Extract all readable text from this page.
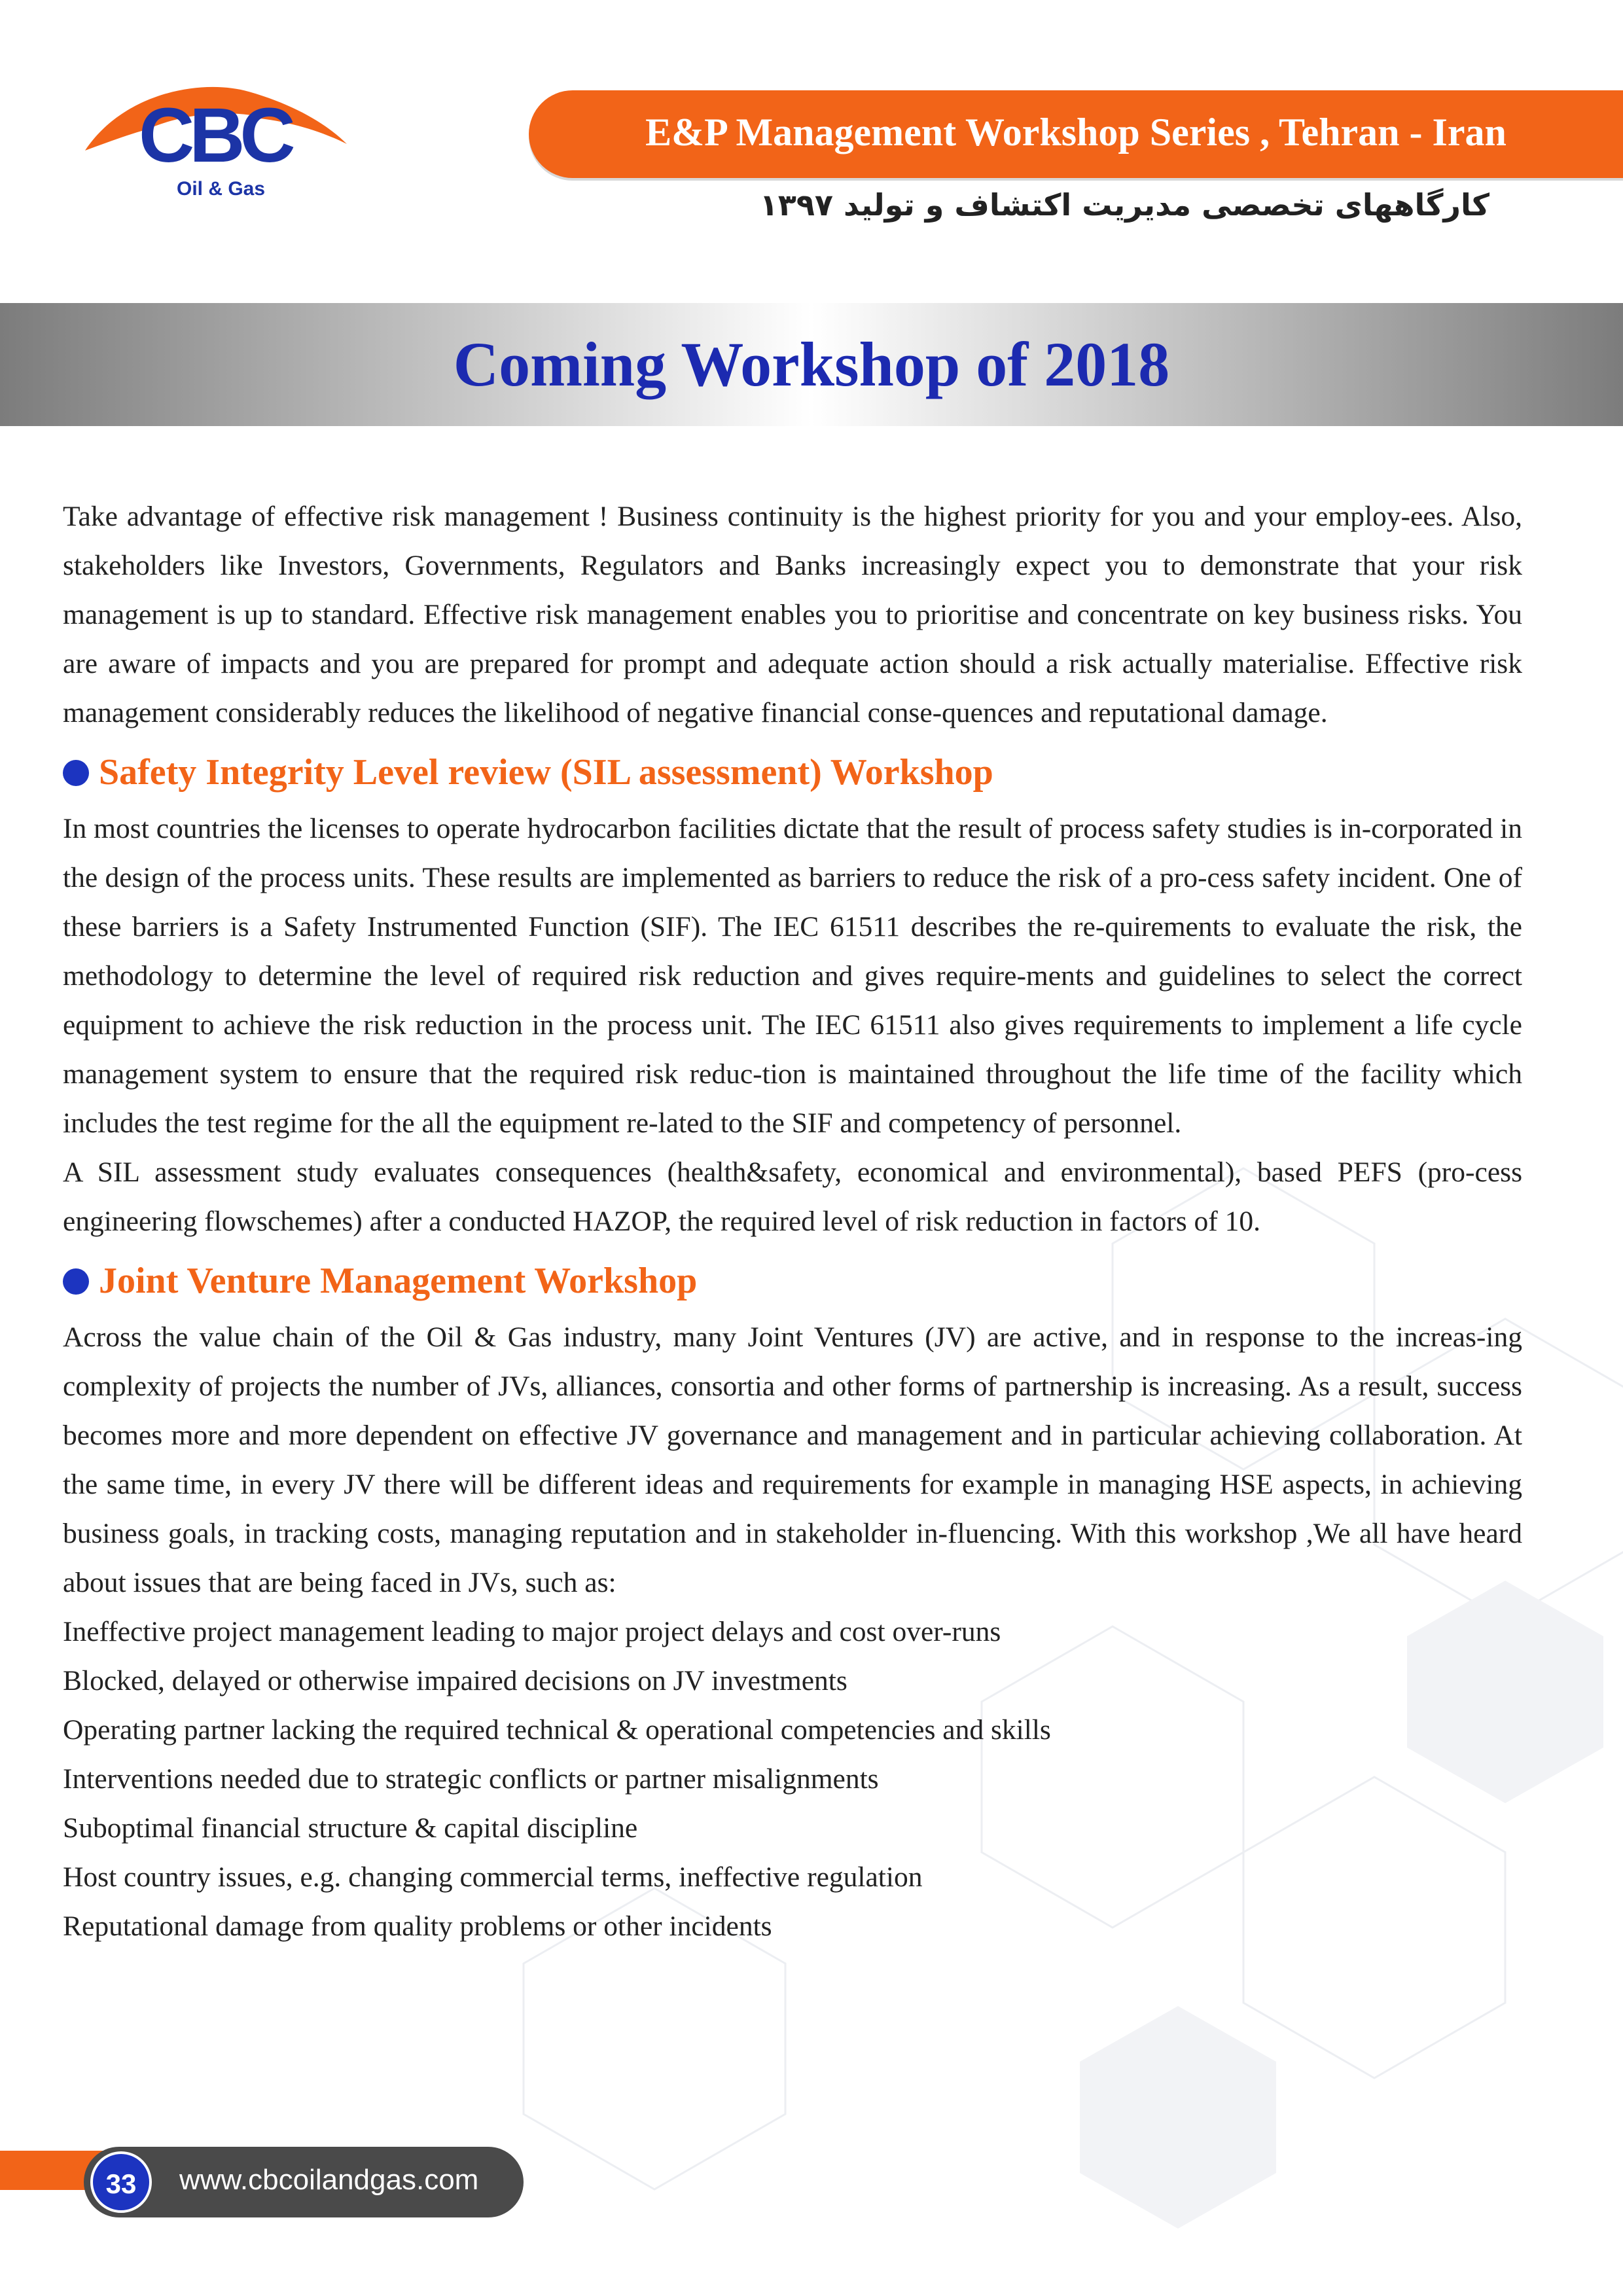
CBC
Oil & Gas
E&P Management Workshop Series , Tehran - Iran
کارگاههای تخصصی مدیریت اکتشاف و تولید ۱۳۹۷
Coming Workshop of 2018

Take advantage of effective risk management ! Business continuity is the highest priority for you and your employ-ees. Also, stakeholders like Investors, Governments, Regulators and Banks increasingly expect you to demonstrate that your risk management is up to standard. Effective risk management enables you to prioritise and concentrate on key business risks. You are aware of impacts and you are prepared for prompt and adequate action should a risk actually materialise. Effective risk management considerably reduces the likelihood of negative financial conse-quences and reputational damage.

Safety Integrity Level review (SIL assessment) Workshop

In most countries the licenses to operate hydrocarbon facilities dictate that the result of process safety studies is in-corporated in the design of the process units. These results are implemented as barriers to reduce the risk of a pro-cess safety incident. One of these barriers is a Safety Instrumented Function (SIF). The IEC 61511 describes the re-quirements to evaluate the risk, the methodology to determine the level of required risk reduction and gives require-ments and guidelines to select the correct equipment to achieve the risk reduction in the process unit. The IEC 61511 also gives requirements to implement a life cycle management system to ensure that the required risk reduc-tion is maintained throughout the life time of the facility which includes the test regime for the all the equipment re-lated to the SIF and competency of personnel.

A SIL assessment study evaluates consequences (health&safety, economical and environmental), based PEFS (pro-cess engineering flowschemes) after a conducted HAZOP, the required level of risk reduction in factors of 10.

Joint Venture Management Workshop

Across the value chain of the Oil & Gas industry, many Joint Ventures (JV) are active, and in response to the increas-ing complexity of projects the number of JVs, alliances, consortia and other forms of partnership is increasing. As a result, success becomes more and more dependent on effective JV governance and management and in particular achieving collaboration. At the same time, in every JV there will be different ideas and requirements for example in managing HSE aspects, in achieving business goals, in tracking costs, managing reputation and in stakeholder in-fluencing. With this workshop ,We all have heard about issues that are being faced in JVs, such as:

Ineffective project management leading to major project delays and cost over-runs

Blocked, delayed or otherwise impaired decisions on JV investments

Operating partner lacking the required technical & operational competencies and skills

Interventions needed due to strategic conflicts or partner misalignments

Suboptimal financial structure & capital discipline

Host country issues, e.g. changing commercial terms, ineffective regulation

Reputational damage from quality problems or other incidents

33	www.cbcoilandgas.com
